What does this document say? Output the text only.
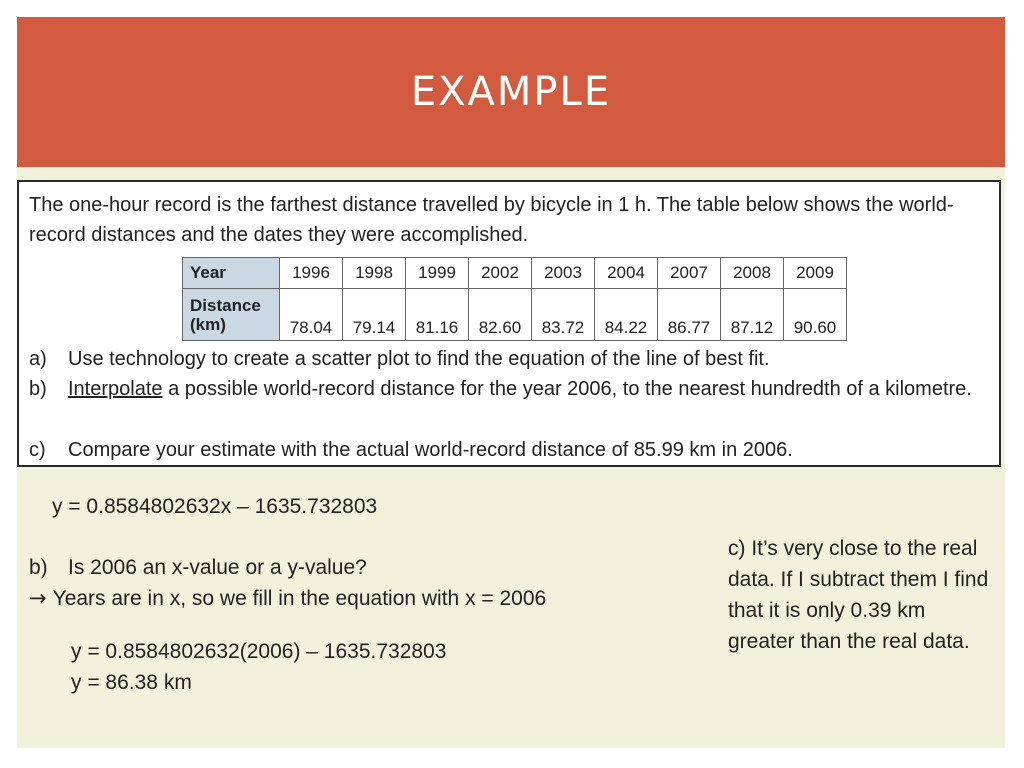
EXAMPLE

The one-hour record is the farthest distance travelled by bicycle in 1 h. The table below shows the world-record distances and the dates they were accomplished.

Year	1996	1998	1999	2002	2003	2004	2007	2008	2009
Distance
(km)	78.04	79.14	81.16	82.60	83.72	84.22	86.77	87.12	90.60
a) Use technology to create a scatter plot to find the equation of the line of best fit.
b) Interpolate a possible world-record distance for the year 2006, to the nearest hundredth of a kilometre.
c) Compare your estimate with the actual world-record distance of 85.99 km in 2006.

y = 0.8584802632x – 1635.732803

b) Is 2006 an x-value or a y-value?

→ Years are in x, so we fill in the equation with x = 2006

y = 0.8584802632(2006) – 1635.732803

y = 86.38 km

c) It’s very close to the real data. If I subtract them I find that it is only 0.39 km greater than the real data.
